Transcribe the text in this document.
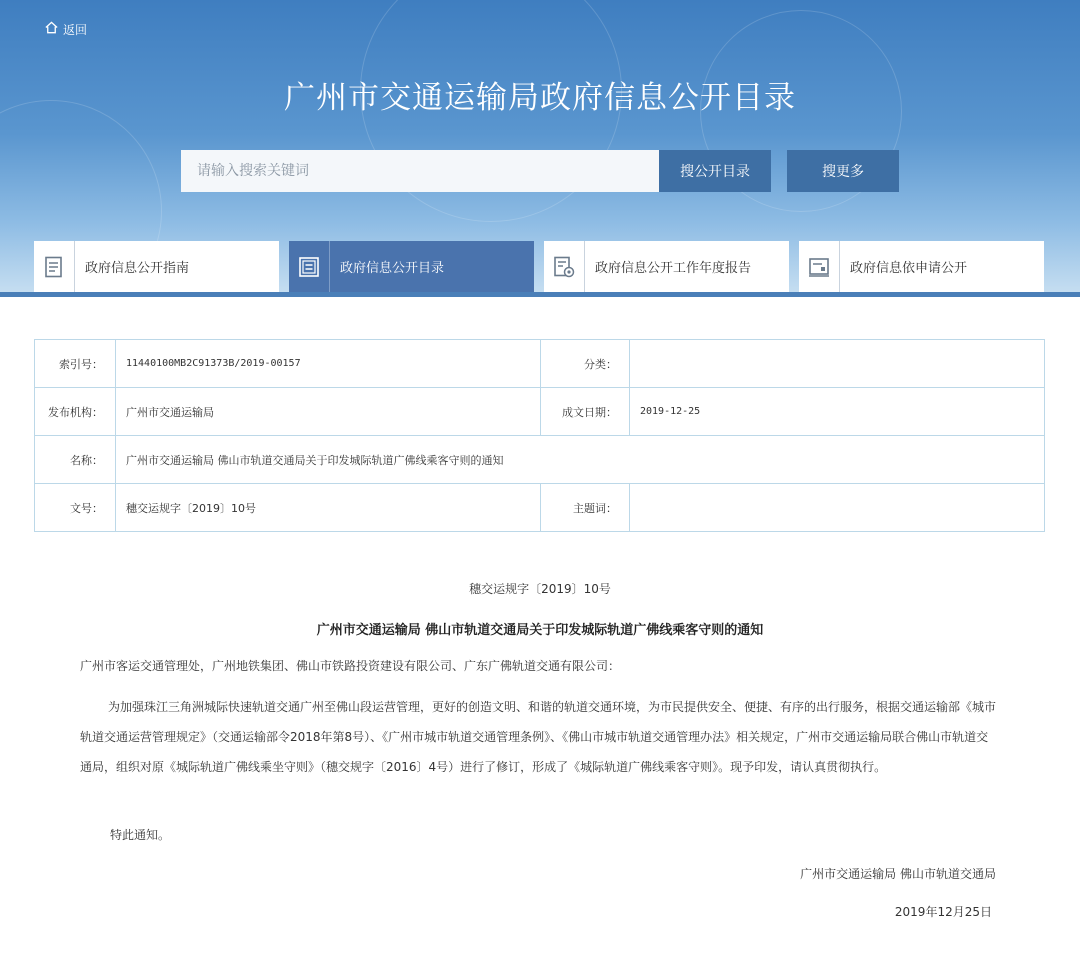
返回
广州市交通运输局政府信息公开目录
请输入搜索关键词
搜公开目录	搜更多
政府信息公开指南	政府信息公开目录	政府信息公开工作年度报告	政府信息依申请公开
索引号：	11440100MB2C91373B/2019-00157	分类：	
发布机构：	广州市交通运输局	成文日期：	2019-12-25
名称：	广州市交通运输局 佛山市轨道交通局关于印发城际轨道广佛线乘客守则的通知		
文号：	穗交运规字〔2019〕10号	主题词：	
穗交运规字〔2019〕10号
广州市交通运输局 佛山市轨道交通局关于印发城际轨道广佛线乘客守则的通知
广州市客运交通管理处，广州地铁集团、佛山市铁路投资建设有限公司、广东广佛轨道交通有限公司：

为加强珠江三角洲城际快速轨道交通广州至佛山段运营管理，更好的创造文明、和谐的轨道交通环境，为市民提供安全、便捷、有序的出行服务，根据交通运输部《城市轨道交通运营管理规定》（交通运输部令2018年第8号）、《广州市城市轨道交通管理条例》、《佛山市城市轨道交通管理办法》相关规定，广州市交通运输局联合佛山市轨道交通局，组织对原《城际轨道广佛线乘坐守则》（穗交规字〔2016〕4号）进行了修订，形成了《城际轨道广佛线乘客守则》。现予印发，请认真贯彻执行。

特此通知。
广州市交通运输局 佛山市轨道交通局
2019年12月25日
